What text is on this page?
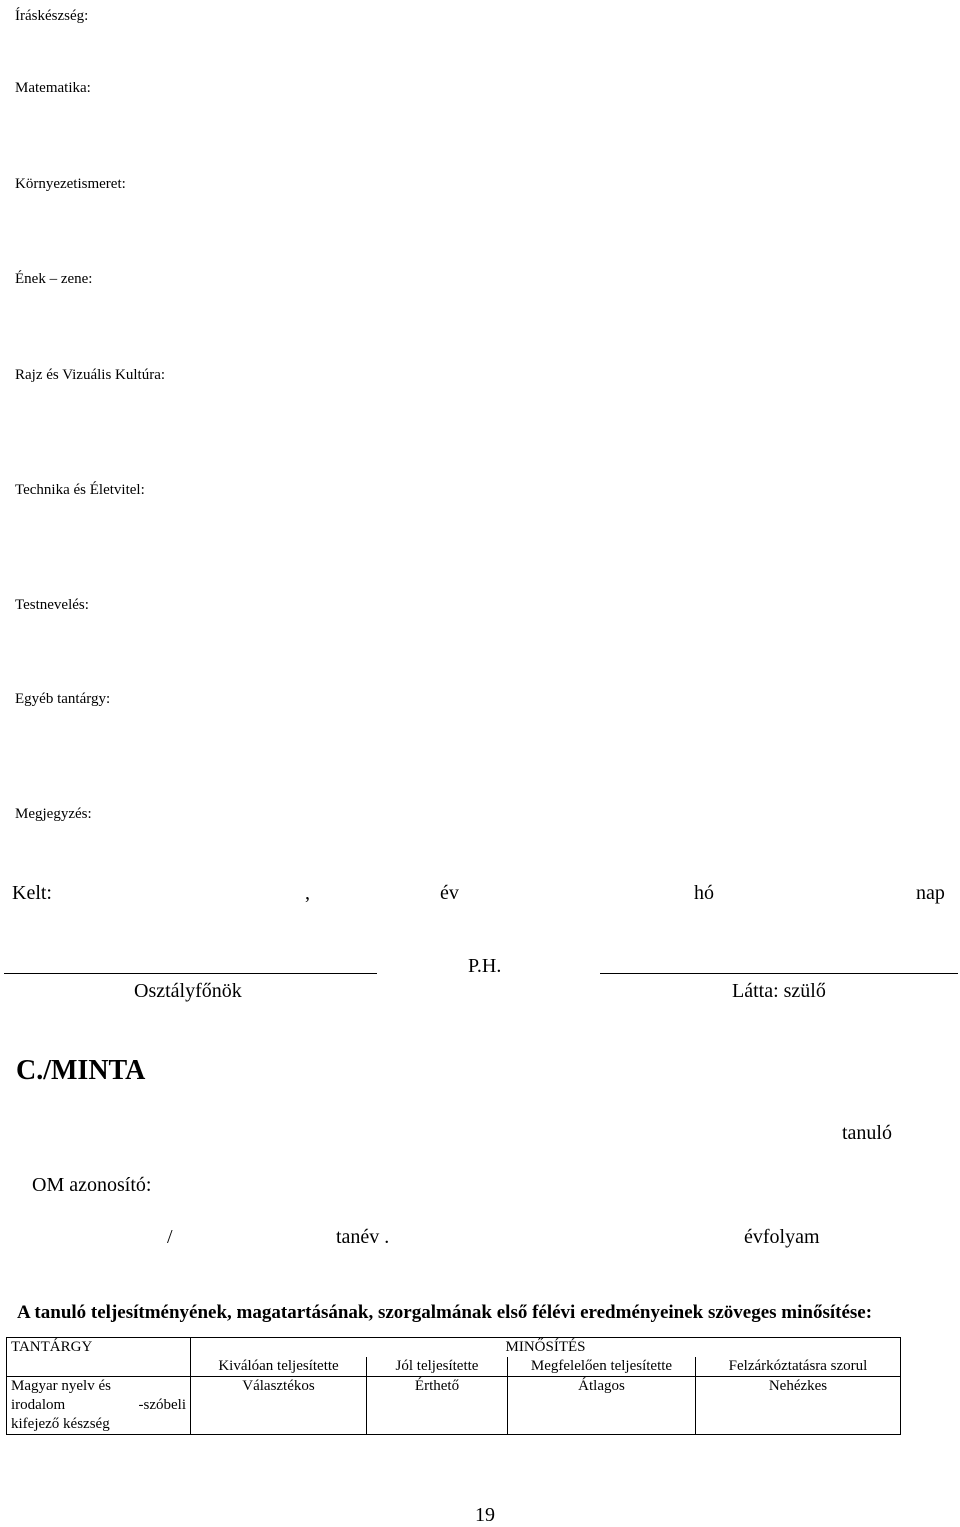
Íráskészség:
Matematika:
Környezetismeret:
Ének – zene:
Rajz és Vizuális Kultúra:
Technika és Életvitel:
Testnevelés:
Egyéb tantárgy:
Megjegyzés:
Kelt:	,	év	hó	nap
P.H.
Osztályfőnök	Látta: szülő
C./MINTA
tanuló
OM azonosító:
/	tanév .	évfolyam
A tanuló teljesítményének, magatartásának, szorgalmának első félévi eredményeinek szöveges minősítése:
TANTÁRGY	MINŐSÍTÉS			
	Kiválóan teljesítette	Jól teljesítette	Megfelelően teljesítette	Felzárkóztatásra szorul

Magyar nyelv és
irodalom -szóbeli
kifejező készség	Választékos	Érthető	Átlagos	Nehézkes
19
